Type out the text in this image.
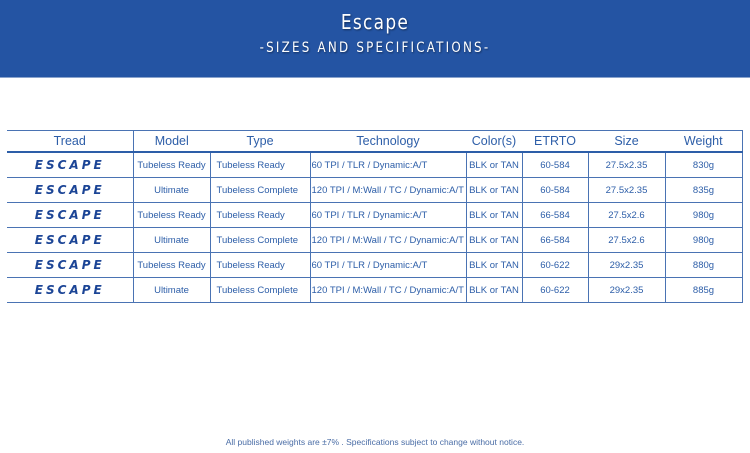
Escape
-SIZES AND SPECIFICATIONS-
Tread	Model	Type	Technology	Color(s)	ETRTO	Size	Weight
ESCAPE	Tubeless Ready	Tubeless Ready	60 TPI / TLR / Dynamic:A/T	BLK or TAN	60-584	27.5x2.35	830g
ESCAPE	Ultimate	Tubeless Complete	120 TPI / M:Wall / TC / Dynamic:A/T	BLK or TAN	60-584	27.5x2.35	835g
ESCAPE	Tubeless Ready	Tubeless Ready	60 TPI / TLR / Dynamic:A/T	BLK or TAN	66-584	27.5x2.6	980g
ESCAPE	Ultimate	Tubeless Complete	120 TPI / M:Wall / TC / Dynamic:A/T	BLK or TAN	66-584	27.5x2.6	980g
ESCAPE	Tubeless Ready	Tubeless Ready	60 TPI / TLR / Dynamic:A/T	BLK or TAN	60-622	29x2.35	880g
ESCAPE	Ultimate	Tubeless Complete	120 TPI / M:Wall / TC / Dynamic:A/T	BLK or TAN	60-622	29x2.35	885g
All published weights are ±7% . Specifications subject to change without notice.
